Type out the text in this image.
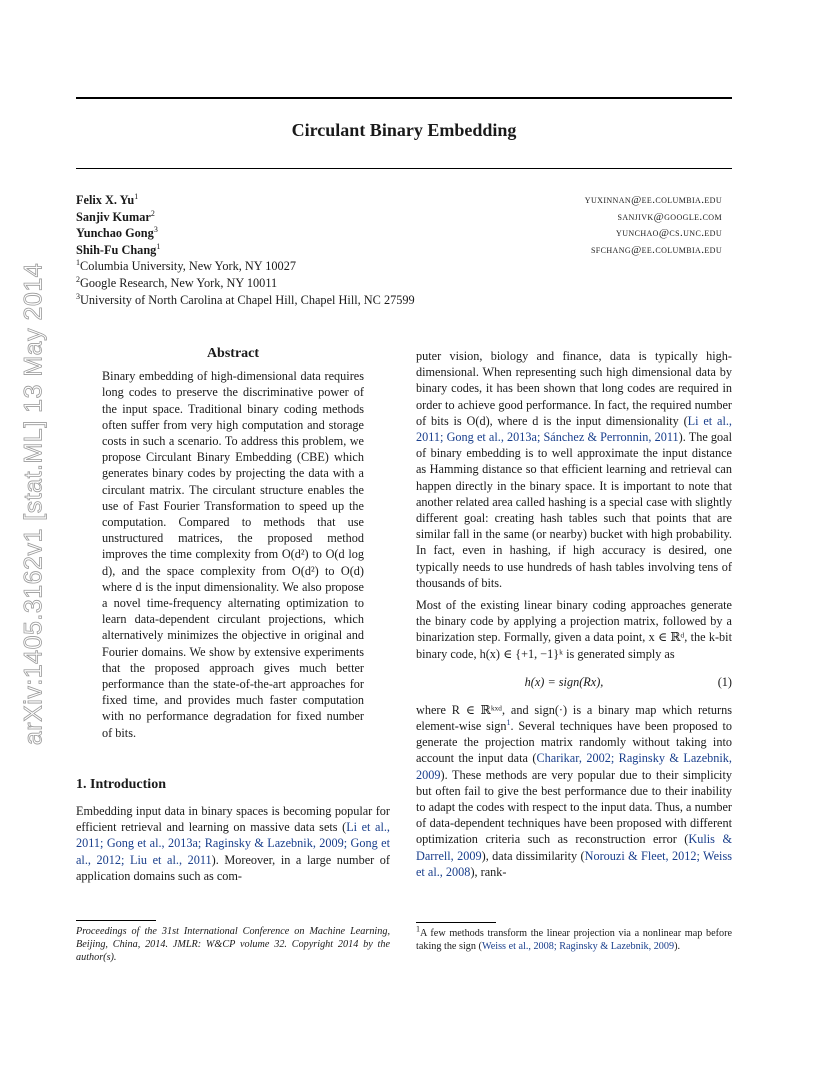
arXiv:1405.3162v1 [stat.ML] 13 May 2014
Circulant Binary Embedding
Felix X. Yu$^1$	yuxinnan@ee.columbia.edu
Sanjiv Kumar$^2$	sanjivk@google.com
Yunchao Gong$^3$	yunchao@cs.unc.edu
Shih-Fu Chang$^1$	sfchang@ee.columbia.edu
$^1$Columbia University, New York, NY 10027
$^2$Google Research, New York, NY 10011
$^3$University of North Carolina at Chapel Hill, Chapel Hill, NC 27599
Abstract
Binary embedding of high-dimensional data requires long codes to preserve the discriminative power of the input space. Traditional binary coding methods often suffer from very high computation and storage costs in such a scenario. To address this problem, we propose Circulant Binary Embedding (CBE) which generates binary codes by projecting the data with a circulant matrix. The circulant structure enables the use of Fast Fourier Transformation to speed up the computation. Compared to methods that use unstructured matrices, the proposed method improves the time complexity from O(d²) to O(d log d), and the space complexity from O(d²) to O(d) where d is the input dimensionality. We also propose a novel time-frequency alternating optimization to learn data-dependent circulant projections, which alternatively minimizes the objective in original and Fourier domains. We show by extensive experiments that the proposed approach gives much better performance than the state-of-the-art approaches for fixed time, and provides much faster computation with no performance degradation for fixed number of bits.
1. Introduction

Embedding input data in binary spaces is becoming popular for efficient retrieval and learning on massive data sets (Li et al., 2011; Gong et al., 2013a; Raginsky & Lazebnik, 2009; Gong et al., 2012; Liu et al., 2011). Moreover, in a large number of application domains such as com-

puter vision, biology and finance, data is typically high-dimensional. When representing such high dimensional data by binary codes, it has been shown that long codes are required in order to achieve good performance. In fact, the required number of bits is O(d), where d is the input dimensionality (Li et al., 2011; Gong et al., 2013a; Sánchez & Perronnin, 2011). The goal of binary embedding is to well approximate the input distance as Hamming distance so that efficient learning and retrieval can happen directly in the binary space. It is important to note that another related area called hashing is a special case with slightly different goal: creating hash tables such that points that are similar fall in the same (or nearby) bucket with high probability. In fact, even in hashing, if high accuracy is desired, one typically needs to use hundreds of hash tables involving tens of thousands of bits.

Most of the existing linear binary coding approaches generate the binary code by applying a projection matrix, followed by a binarization step. Formally, given a data point, x ∈ ℝᵈ, the k-bit binary code, h(x) ∈ {+1, −1}ᵏ is generated simply as

h(x) = sign(Rx),	(1)

where R ∈ ℝᵏˣᵈ, and sign(·) is a binary map which returns element-wise sign$^1$. Several techniques have been proposed to generate the projection matrix randomly without taking into account the input data (Charikar, 2002; Raginsky & Lazebnik, 2009). These methods are very popular due to their simplicity but often fail to give the best performance due to their inability to adapt the codes with respect to the input data. Thus, a number of data-dependent techniques have been proposed with different optimization criteria such as reconstruction error (Kulis & Darrell, 2009), data dissimilarity (Norouzi & Fleet, 2012; Weiss et al., 2008), rank-

Proceedings of the 31st International Conference on Machine Learning, Beijing, China, 2014. JMLR: W&CP volume 32. Copyright 2014 by the author(s).
$^1$A few methods transform the linear projection via a nonlinear map before taking the sign (Weiss et al., 2008; Raginsky & Lazebnik, 2009).
